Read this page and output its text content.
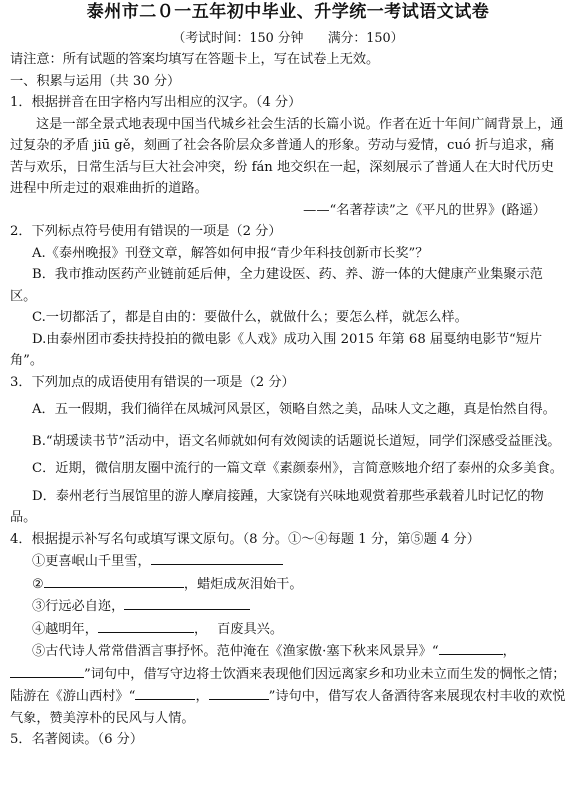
泰州市二０一五年初中毕业、升学统一考试语文试卷
（考试时间：150 分钟 满分：150）

请注意：所有试题的答案均填写在答题卡上，写在试卷上无效。

一、积累与运用（共 30 分）

1．根据拼音在田字格内写出相应的汉字。（4 分）

这是一部全景式地表现中国当代城乡社会生活的长篇小说。作者在近十年间广阔背景上，通过复杂的矛盾 jiū gě，刻画了社会各阶层众多普通人的形象。劳动与爱情，cuó 折与追求，痛苦与欢乐，日常生活与巨大社会冲突，纷 fán 地交织在一起，深刻展示了普通人在大时代历史进程中所走过的艰难曲折的道路。

——“名著荐读”之《平凡的世界》(路遥）

2．下列标点符号使用有错误的一项是（2 分）

A.《泰州晚报》刊登文章，解答如何申报“青少年科技创新市长奖”？

B．我市推动医药产业链前延后伸，全力建设医、药、养、游一体的大健康产业集聚示范区。

C.一切都活了，都是自由的：要做什么，就做什么；要怎么样，就怎么样。

D.由泰州团市委扶持投拍的微电影《人戏》成功入围 2015 年第 68 届戛纳电影节“短片角”。

3．下列加点的成语使用有错误的一项是（2 分）

A．五一假期，我们徜徉在凤城河风景区，领略自然之美，品味人文之趣，真是怡然自得。

B.“胡瑗读书节”活动中，语文名师就如何有效阅读的话题说长道短，同学们深感受益匪浅。

C．近期，微信朋友圈中流行的一篇文章《素颜泰州》，言简意赅地介绍了泰州的众多美食。

D．泰州老行当展馆里的游人摩肩接踵，大家饶有兴味地观赏着那些承载着儿时记忆的物品。

4．根据提示补写名句或填写课文原句。（8 分。①～④每题 1 分，第⑤题 4 分）

①更喜岷山千里雪，

②	，蜡炬成灰泪始干。

③行远必自迩，

④越明年，	， 百废具兴。

⑤古代诗人常常借酒言事抒怀。范仲淹在《渔家傲·塞下秋来风景异》“	，”词句中，借写守边将士饮酒来表现他们因远离家乡和功业未立而生发的惆怅之情；陆游在《游山西村》“	，	”诗句中，借写农人备酒待客来展现农村丰收的欢悦气象，赞美淳朴的民风与人情。

5．名著阅读。（6 分）
